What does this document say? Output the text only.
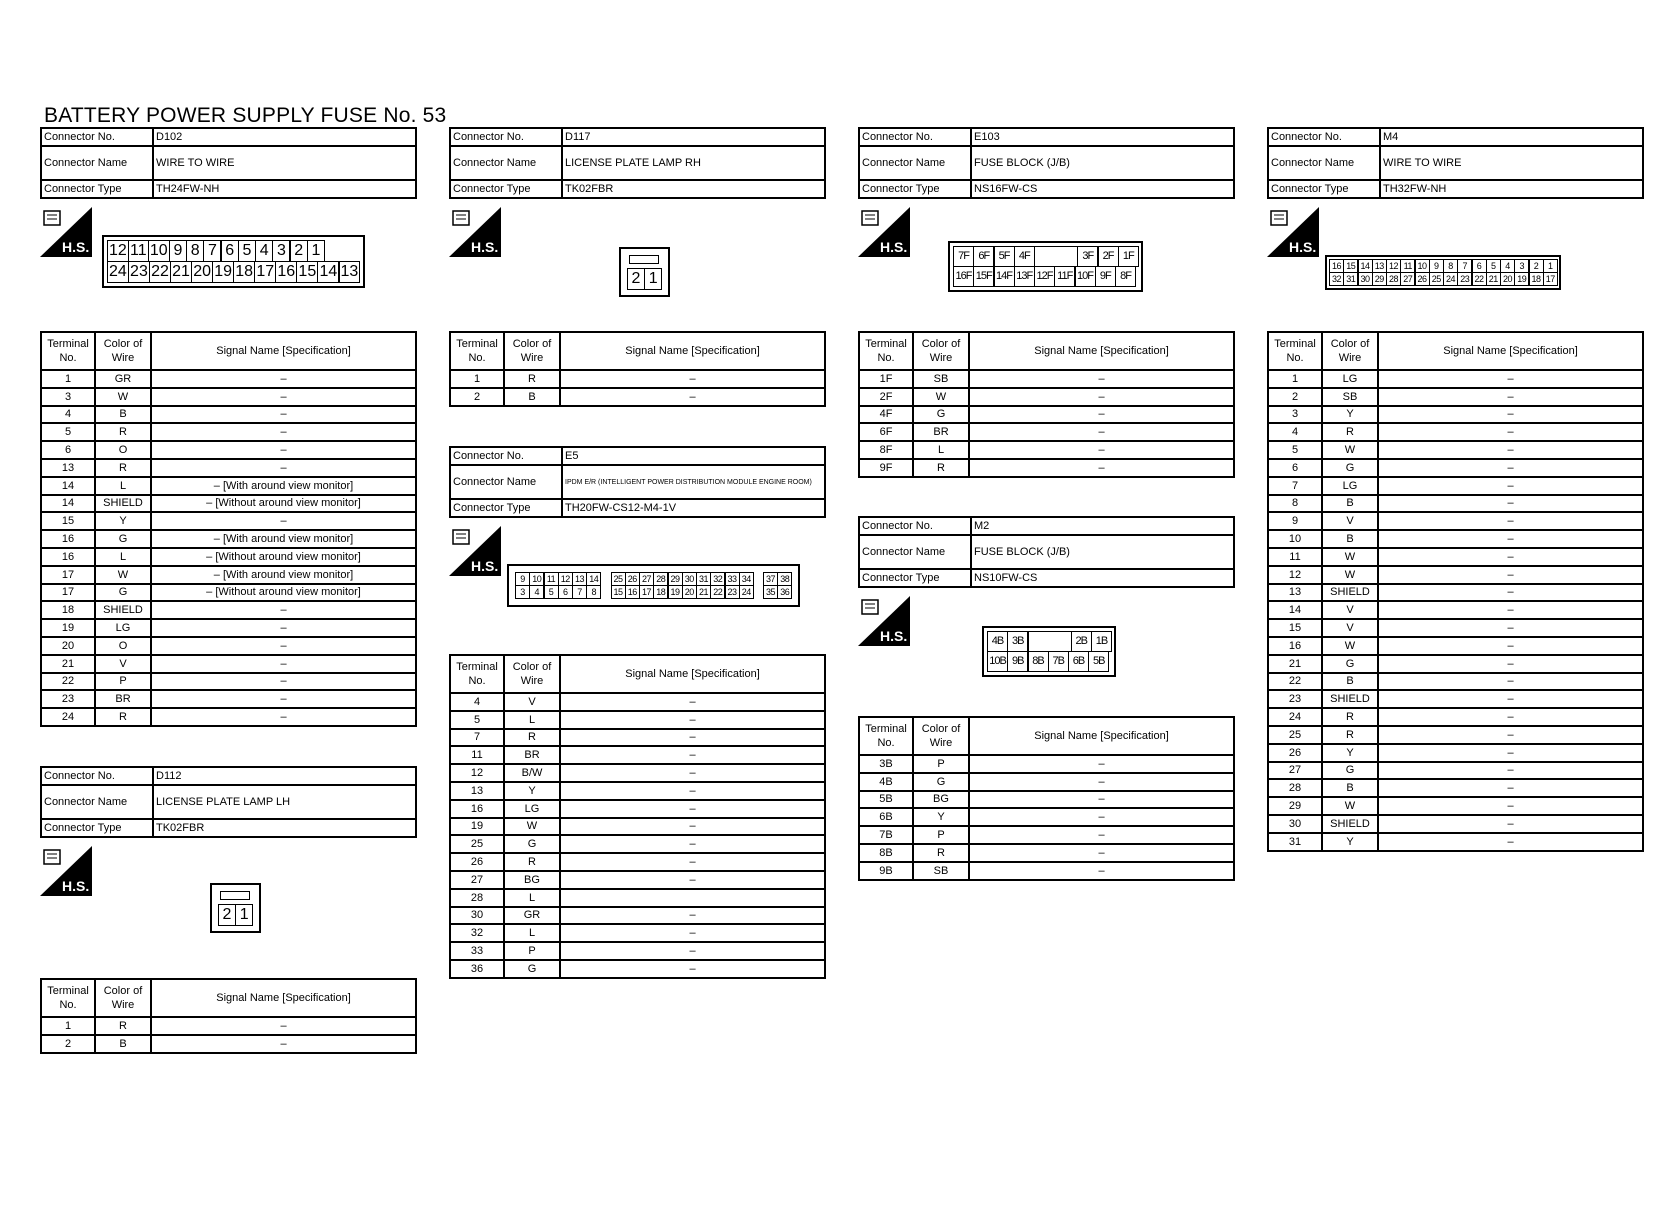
BATTERY POWER SUPPLY FUSE No. 53
Connector No.	D102
Connector Name	WIRE TO WIRE
Connector Type	TH24FW-NH
H.S. 12 11 10 9 8 7 6 5 4 3 2 1
24 23 22 21 20 19 18 17 16 15 14 13
Terminal No.	Color of Wire	Signal Name [Specification]
1	GR	–
3	W	–
4	B	–
5	R	–
6	O	–
13	R	–
14	L	– [With around view monitor]
14	SHIELD	– [Without around view monitor]
15	Y	–
16	G	– [With around view monitor]
16	L	– [Without around view monitor]
17	W	– [With around view monitor]
17	G	– [Without around view monitor]
18	SHIELD	–
19	LG	–
20	O	–
21	V	–
22	P	–
23	BR	–
24	R	–
Connector No.	D112
Connector Name	LICENSE PLATE LAMP LH
Connector Type	TK02FBR
H.S.
2 1
Terminal No.	Color of Wire	Signal Name [Specification]
1	R	–
2	B	–
Connector No.	D117
Connector Name	LICENSE PLATE LAMP RH
Connector Type	TK02FBR
H.S.
2 1
Terminal No.	Color of Wire	Signal Name [Specification]
1	R	–
2	B	–
Connector No.	E5
Connector Name	IPDM E/R (INTELLIGENT POWER DISTRIBUTION MODULE ENGINE ROOM)
Connector Type	TH20FW-CS12-M4-1V
H.S.
9 10 11 12 13 14
3	4	5	6	7	8
25 26 27 28 29 30 31 32 33 34
15 16 17 18 19 20 21 22 23 24
37 38
35 36
Terminal No.	Color of Wire	Signal Name [Specification]
4	V	–
5	L	–
7	R	–
11	BR	–
12	B/W	–
13	Y	–
16	LG	–
19	W	–
25	G	–
26	R	–
27	BG	–
28	L	
30	GR	–
32	L	–
33	P	–
36	G	–
Connector No.	E103
Connector Name	FUSE BLOCK (J/B)
Connector Type	NS16FW-CS
H.S.
7F 6F 5F 4F	3F 2F 1F
16F 15F 14F 13F 12F 11F 10F 9F 8F
Terminal No.	Color of Wire	Signal Name [Specification]
1F	SB	–
2F	W	–
4F	G	–
6F	BR	–
8F	L	–
9F	R	–
Connector No.	M2
Connector Name	FUSE BLOCK (J/B)
Connector Type	NS10FW-CS
H.S.	4B 3B	2B 1B
10B 9B 8B 7B 6B 5B
Terminal No.	Color of Wire	Signal Name [Specification]
3B	P	–
4B	G	–
5B	BG	–
6B	Y	–
7B	P	–
8B	R	–
9B	SB	–
Connector No.	M4
Connector Name	WIRE TO WIRE
Connector Type	TH32FW-NH
H.S.
16 15 14 13 12 11 10 9	8	7	6	5	4	3	2	1
32 31 30 29 28 27 26 25 24 23 22 21 20 19 18 17
Terminal No.	Color of Wire	Signal Name [Specification]
1	LG	–
2	SB	–
3	Y	–
4	R	–
5	W	–
6	G	–
7	LG	–
8	B	–
9	V	–
10	B	–
11	W	–
12	W	–
13	SHIELD	–
14	V	–
15	V	–
16	W	–
21	G	–
22	B	–
23	SHIELD	–
24	R	–
25	R	–
26	Y	–
27	G	–
28	B	–
29	W	–
30	SHIELD	–
31	Y	–
